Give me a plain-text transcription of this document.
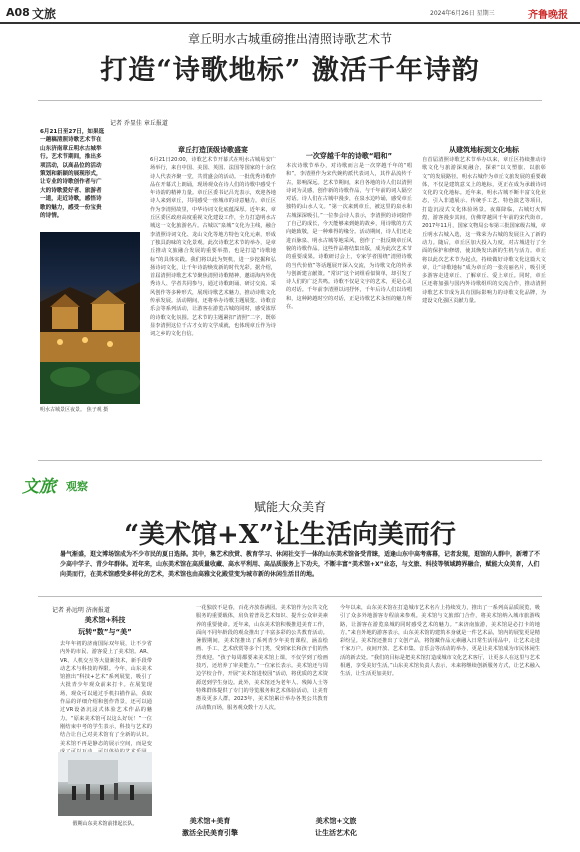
A08 文旅	2024年6月26日 星期三	齐鲁晚报
章丘明水古城重磅推出清照诗歌艺术节
打造“诗歌地标” 激活千年诗韵
记者 乔显佳 章丘报道
6月21日至27日，如果逛一趟稿清照诗歌艺术节在山东济南章丘明水古城举行。艺术节期间，推出多项活动，以高品位的活动策划和新颖的展现形式，让专业的诗歌创作者与广大的诗歌爱好者、旅游者一道，走近诗歌，感悟诗歌的魅力，感受一份宝贵的诗情。
明水古城景区夜景。 焦子观 摄
章丘打造顶级诗歌盛宴
6月21日20:00，诗歌艺术节开幕式在明水古城易安广场举行，来自中国、美国、英国、法国等国家的十余位诗人代表齐聚一堂，共赏盛会的活动。一批优秀诗歌作品在开幕式上朗诵，现场观众在诗人们的诗歌中感受千年诗韵的精神力量。章丘区委书记吕光表示，欢迎各地诗人来到章丘，共同感受一座城市的诗意魅力。章丘区作为李清照故里，中华诗词文化底蕴深厚。近年来，章丘区委区政府高度重视文化建设工作，全力打造明水古城这一文化旅游名片。古城以“泉城”文化为主线，融合李清照诗词文化、龙山文化等地方特色文化元素，形成了独具韵味的文化景观。此次诗歌艺术节的举办，是章丘推动文旅融合发展的重要举措，也是打造“诗歌地标”的具体实践。我们将以此为契机，进一步挖掘和弘扬诗词文化，让千年诗韵焕发新的时代光彩。据介绍，首届清照诗歌艺术节聚焦清照诗歌精神，邀请海内外优秀诗人、学者共同参与，通过诗歌朗诵、研讨交流、采风创作等多种形式，展现诗歌艺术魅力，推动诗歌文化传承发展。活动期间，还将举办诗歌主题展览、诗歌音乐会等系列活动，让游客在游览古城的同时，感受浓厚的诗歌文化氛围。艺术节的主题紧扣“清照”二字，既彰显李清照这位千古才女的文学成就，也体现章丘作为诗词之乡的文化自信。
一次穿越千年的诗歌“唱和”
本次诗歌节举办，对诗歌而言是一次穿越千年的“唱和”。李清照作为宋代婉约派代表词人，其作品流传千古，影响深远。艺术节期间，来自各地的诗人们以清照诗词为灵感，创作新的诗歌作品，与千年前的词人隔空对话。诗人们在古城中漫步，在泉水边吟诵，感受章丘独特的山水人文。“第一次来到章丘，被这里的泉水和古城深深吸引。”一位参会诗人表示，李清照的诗词陪伴了自己的成长，今天能够来到她的故乡，用诗歌的方式向她致敬，是一种难得的缘分。活动期间，诗人们还走进百脉泉、明水古城等地采风，创作了一批反映章丘风貌的诗歌作品。这些作品将结集出版，成为此次艺术节的重要成果。诗歌研讨会上，专家学者围绕“清照诗歌的当代价值”等话题展开深入交流，为诗歌文化的传承与创新建言献策。“常识”这个词组看似简单，却引发了诗人们的广泛共鸣。诗歌不仅是文字的艺术，更是心灵的对话。千年前李清照以词抒怀，千年后诗人们以诗唱和，这种跨越时空的对话，正是诗歌艺术永恒的魅力所在。
从建筑地标到文化地标
自首届清照诗歌艺术节举办以来，章丘区持续推动诗歌文化与旅游深度融合，探索“以文塑旅、以旅彰文”的发展路径。明水古城作为章丘文旅发展的重要载体，不仅是建筑意义上的地标，更正在成为承载诗词文化的文化地标。近年来，明水古城不断丰富文化业态，引入非遗展示、传统手工艺、特色演艺等项目，打造沉浸式文化体验场景。夜幕降临，古城灯火辉煌，游客漫步其间，仿佛穿越回千年前的宋代街市。2017年11月，国家文物局公布第三批国家级古城，章丘明水古城入选，这一殊荣为古城的发展注入了新的动力。随后，章丘区加大投入力度，对古城进行了全面的保护和修缮，使其焕发出新的生机与活力。章丘将以此次艺术节为起点，持续做好诗歌文化这篇大文章，让“诗歌地标”成为章丘的一张亮丽名片，吸引更多游客走进章丘、了解章丘、爱上章丘。同时，章丘区还将加强与国内外诗歌组织的交流合作，推动清照诗歌艺术节成为具有国际影响力的诗歌文化品牌，为建设文化强区贡献力量。
文旅 观察
赋能大众美育
“美术馆+X”让生活向美而行
暑气渐盛，逛文博场馆成为不少市民的夏日选择。其中，集艺术欣赏、教育学习、休闲社交于一体的山东美术馆备受青睐，适逢山东中高考落幕，记者发现，逛馆的人群中，新增了不少高中学子、青少年群体。近年来，山东美术馆在高质量收藏、高水平利用、高品质服务上下功夫，不断丰富“美术馆+X”业态，与文旅、科技等领域跨界融合，赋能大众美育，人们向美而行，在美术馆感受多样化的艺术，美术馆也由高雅文化殿堂变为城市新的休闲生活目的地。
记者 孙远明 济南报道
美术馆+科技
玩转“数”与“美”
去年年初的济南国际双年展，让不少省内外的市民、游客爱上了美术馆。AR、VR、人机交互等大量新技术，新手段带动艺术与科技的界限。今年，山东美术馆推出“科技+艺术”系列展览，吸引了大批青少年观众前来打卡。在展览现场，观众可以通过手机扫描作品，获取作品的详细介绍和创作背景，还可以通过VR设备沉浸式体验艺术作品的魅力。“原来美术馆可以这么好玩！”一位刚结束中考的学生表示，科技与艺术的结合让自己对美术馆有了全新的认识。美术馆不再是静态的展示空间，而是变
假期山东美术馆前排起长队。
一花独放不是春，百花齐放春满园。美术馆作为公共文化服务的重要载体，肩负着普及艺术知识、提升公众审美素养的重要使命。近年来，山东美术馆积极推进美育工作，面向不同年龄段的观众推出了丰富多彩的公共教育活动。暑假期间，美术馆推出了系列青少年美育课程，涵盖绘画、手工、艺术欣赏等多个门类，受到家长和孩子们的热烈欢迎。“孩子每周都要来美术馆上课，不仅学到了绘画技巧，还培养了审美能力。”一位家长表示。美术馆还与周边学校合作，开展“美术馆进校园”活动，将优质的艺术资源送到学生身边。此外，美术馆还为老年人、残障人士等特殊群体提供了专门的导览服务和艺术体验活动，让美育惠及更多人群。2023年，美术馆累计举办各类公共教育活动数百场，服务观众数十万人次。
美术馆+美育
激活全民美育引擎
美术馆+文旅
让生活艺术化
今年以来，山东美术馆在打造城市艺术名片上持续发力，推出了一系列高品质展览，吸引了众多外地游客专程前来参观。美术馆与文旅部门合作，将美术馆纳入城市旅游线路，让游客在游览泉城的同时感受艺术的魅力。“来济南旅游，美术馆是必打卡的地方。”来自外地的游客表示，山东美术馆的建筑本身就是一件艺术品，馆内的展览更是精彩纷呈。美术馆还推出了文创产品，将馆藏作品元素融入日常生活用品中，让艺术走进千家万户。夜间开放、艺术市集、音乐会等活动的举办，更是让美术馆成为市民休闲生活的新去处。“我们的目标是把美术馆打造成城市文化艺术客厅，让更多人在这里与艺术相遇，享受美好生活。”山东美术馆负责人表示，未来将继续创新服务方式，让艺术融入生活，让生活更加美好。
